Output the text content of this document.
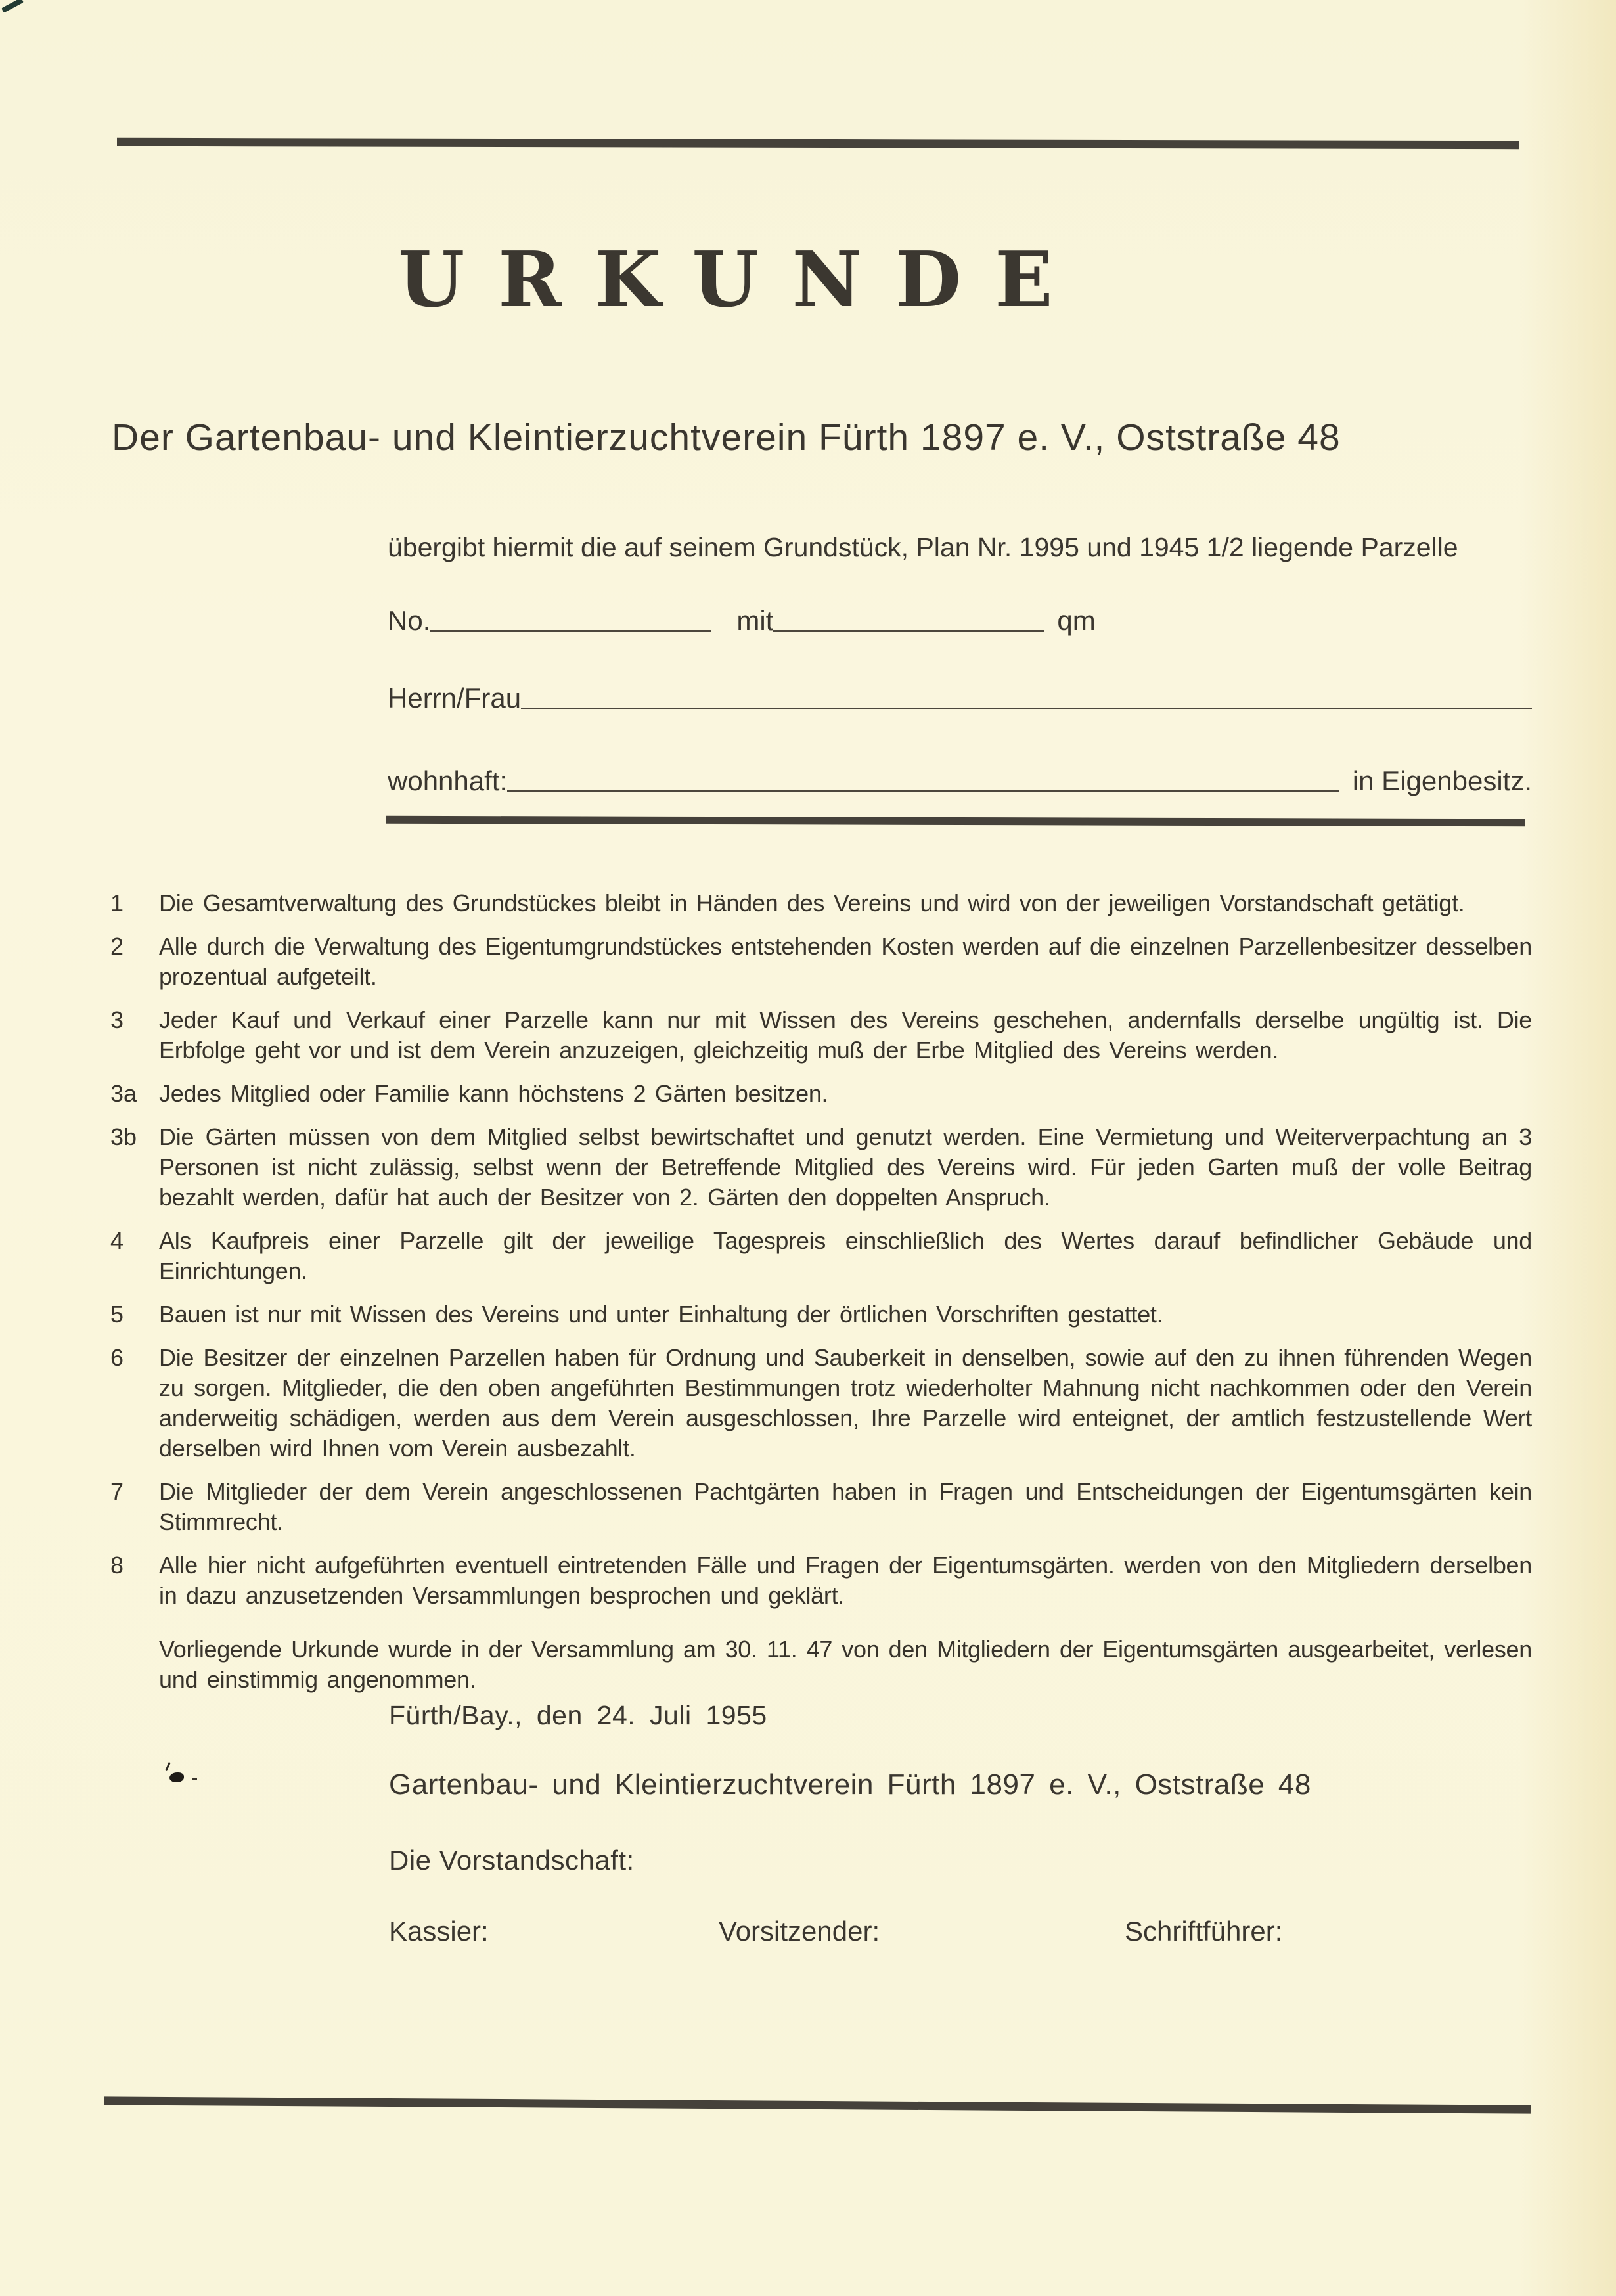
URKUNDE
Der Gartenbau- und Kleintierzuchtverein Fürth 1897 e. V., Oststraße 48
übergibt hiermit die auf seinem Grundstück, Plan Nr. 1995 und 1945 1/2 liegende Parzelle
No.	mit	qm
Herrn/Frau
wohnhaft:	in Eigenbesitz.
1	Die Gesamtverwaltung des Grundstückes bleibt in Händen des Vereins und wird von der jeweiligen Vorstandschaft getätigt.
2	Alle durch die Verwaltung des Eigentumgrundstückes entstehenden Kosten werden auf die einzelnen Parzellenbesitzer desselben prozentual aufgeteilt.
3	Jeder Kauf und Verkauf einer Parzelle kann nur mit Wissen des Vereins geschehen, andernfalls derselbe ungültig ist. Die Erbfolge geht vor und ist dem Verein anzuzeigen, gleichzeitig muß der Erbe Mitglied des Vereins werden.
3a Jedes Mitglied oder Familie kann höchstens 2 Gärten besitzen.
3b Die Gärten müssen von dem Mitglied selbst bewirtschaftet und genutzt werden. Eine Vermietung und Weiterverpachtung an 3 Personen ist nicht zulässig, selbst wenn der Betreffende Mitglied des Vereins wird. Für jeden Garten muß der volle Beitrag bezahlt werden, dafür hat auch der Besitzer von 2. Gärten den doppelten Anspruch.
4	Als Kaufpreis einer Parzelle gilt der jeweilige Tagespreis einschließlich des Wertes darauf befindlicher Gebäude und Einrichtungen.
5	Bauen ist nur mit Wissen des Vereins und unter Einhaltung der örtlichen Vorschriften gestattet.
6	Die Besitzer der einzelnen Parzellen haben für Ordnung und Sauberkeit in denselben, sowie auf den zu ihnen führenden Wegen zu sorgen. Mitglieder, die den oben angeführten Bestimmungen trotz wiederholter Mahnung nicht nachkommen oder den Verein anderweitig schädigen, werden aus dem Verein ausgeschlossen, Ihre Parzelle wird enteignet, der amtlich festzustellende Wert derselben wird Ihnen vom Verein ausbezahlt.
7	Die Mitglieder der dem Verein angeschlossenen Pachtgärten haben in Fragen und Entscheidungen der Eigentumsgärten kein Stimmrecht.
8	Alle hier nicht aufgeführten eventuell eintretenden Fälle und Fragen der Eigentumsgärten. werden von den Mitgliedern derselben in dazu anzusetzenden Versammlungen besprochen und geklärt.
Vorliegende Urkunde wurde in der Versammlung am 30. 11. 47 von den Mitgliedern der Eigentumsgärten ausgearbeitet, verlesen und einstimmig angenommen.
Fürth/Bay., den 24. Juli 1955
Gartenbau- und Kleintierzuchtverein Fürth 1897 e. V., Oststraße 48
Die Vorstandschaft:
Kassier:	Vorsitzender:	Schriftführer:
